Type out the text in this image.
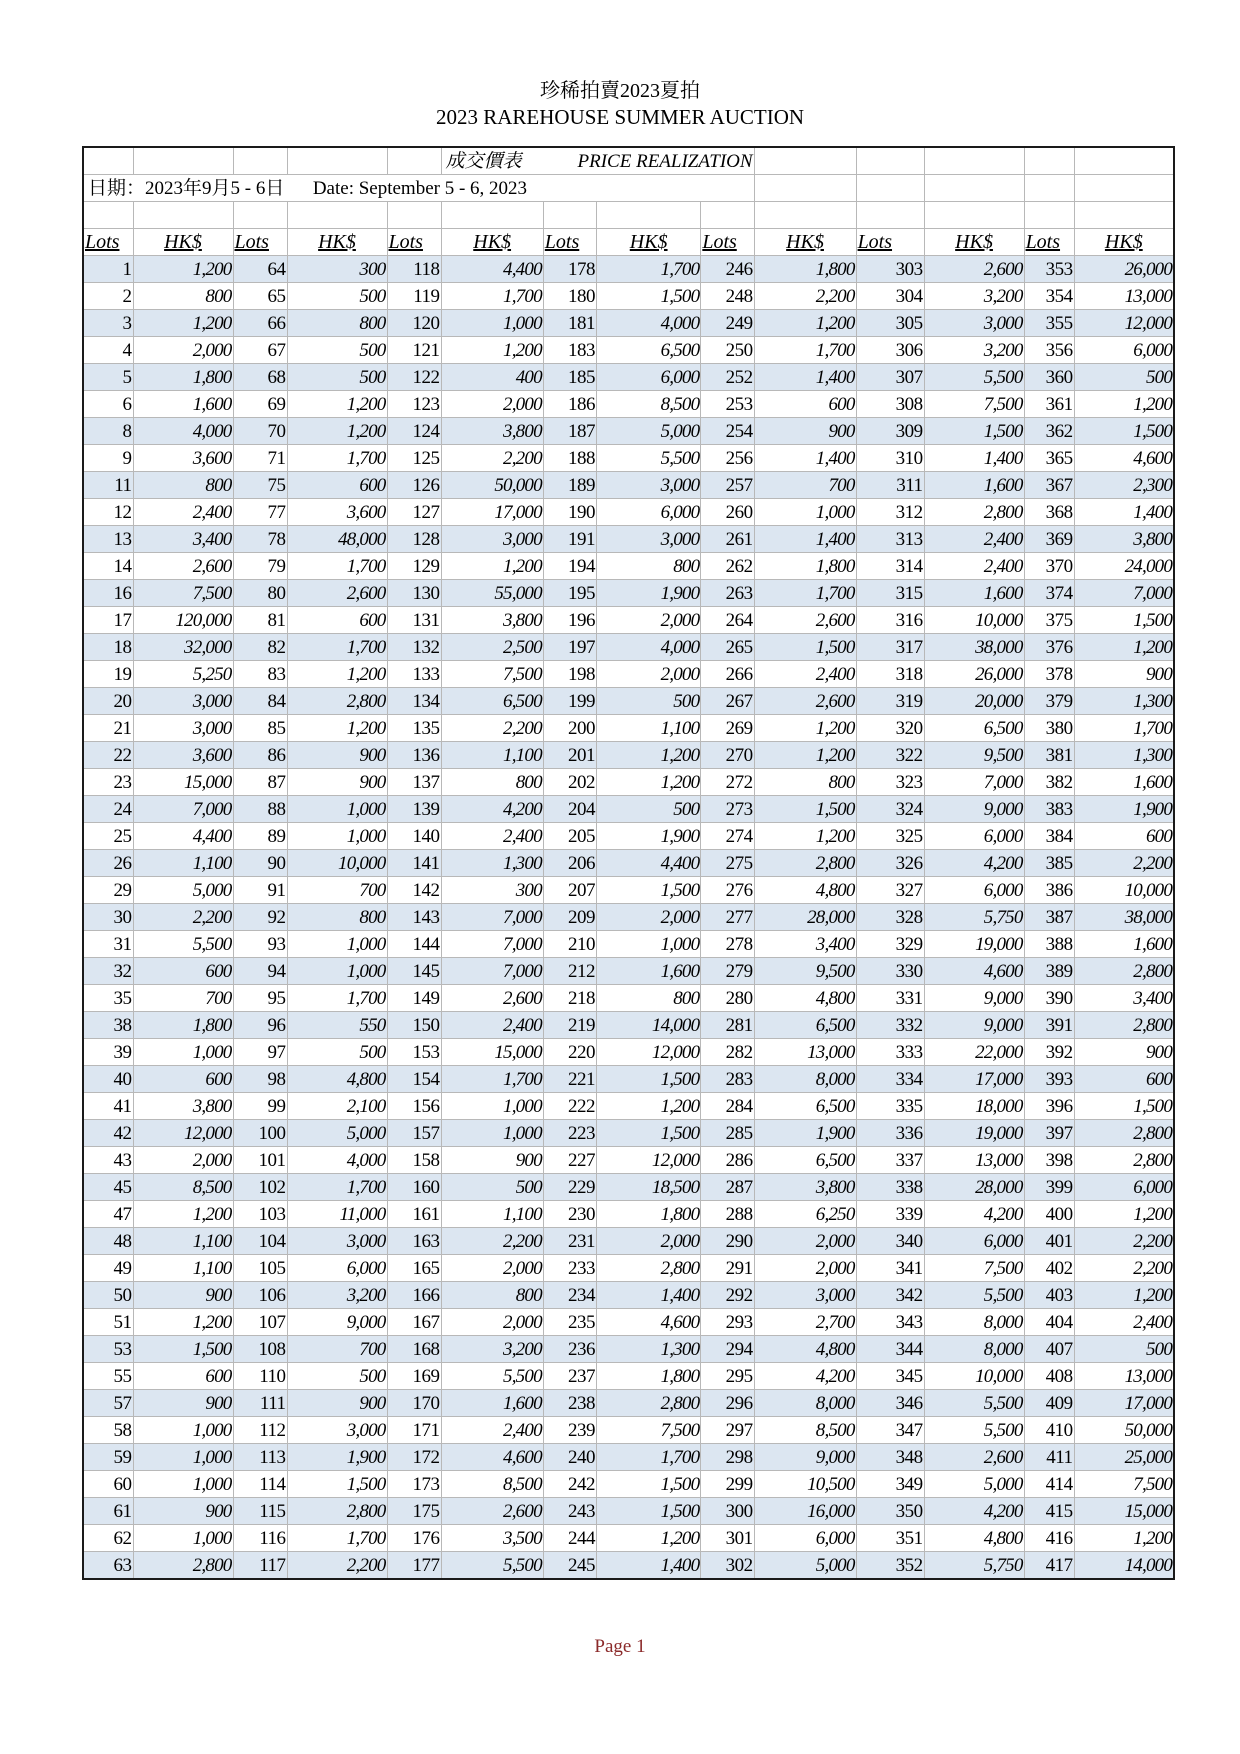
珍稀拍賣2023夏拍
2023 RAREHOUSE SUMMER AUCTION
					成交價表 PRICE REALIZATION								
日期：2023年9月5 - 6日 Date: September 5 - 6, 2023													

Lots	HK$	Lots	HK$	Lots	HK$	Lots	HK$	Lots	HK$	Lots	HK$	Lots	HK$
1	1,200	64	300	118	4,400	178	1,700	246	1,800	303	2,600	353	26,000
2	800	65	500	119	1,700	180	1,500	248	2,200	304	3,200	354	13,000
3	1,200	66	800	120	1,000	181	4,000	249	1,200	305	3,000	355	12,000
4	2,000	67	500	121	1,200	183	6,500	250	1,700	306	3,200	356	6,000
5	1,800	68	500	122	400	185	6,000	252	1,400	307	5,500	360	500
6	1,600	69	1,200	123	2,000	186	8,500	253	600	308	7,500	361	1,200
8	4,000	70	1,200	124	3,800	187	5,000	254	900	309	1,500	362	1,500
9	3,600	71	1,700	125	2,200	188	5,500	256	1,400	310	1,400	365	4,600
11	800	75	600	126	50,000	189	3,000	257	700	311	1,600	367	2,300
12	2,400	77	3,600	127	17,000	190	6,000	260	1,000	312	2,800	368	1,400
13	3,400	78	48,000	128	3,000	191	3,000	261	1,400	313	2,400	369	3,800
14	2,600	79	1,700	129	1,200	194	800	262	1,800	314	2,400	370	24,000
16	7,500	80	2,600	130	55,000	195	1,900	263	1,700	315	1,600	374	7,000
17	120,000	81	600	131	3,800	196	2,000	264	2,600	316	10,000	375	1,500
18	32,000	82	1,700	132	2,500	197	4,000	265	1,500	317	38,000	376	1,200
19	5,250	83	1,200	133	7,500	198	2,000	266	2,400	318	26,000	378	900
20	3,000	84	2,800	134	6,500	199	500	267	2,600	319	20,000	379	1,300
21	3,000	85	1,200	135	2,200	200	1,100	269	1,200	320	6,500	380	1,700
22	3,600	86	900	136	1,100	201	1,200	270	1,200	322	9,500	381	1,300
23	15,000	87	900	137	800	202	1,200	272	800	323	7,000	382	1,600
24	7,000	88	1,000	139	4,200	204	500	273	1,500	324	9,000	383	1,900
25	4,400	89	1,000	140	2,400	205	1,900	274	1,200	325	6,000	384	600
26	1,100	90	10,000	141	1,300	206	4,400	275	2,800	326	4,200	385	2,200
29	5,000	91	700	142	300	207	1,500	276	4,800	327	6,000	386	10,000
30	2,200	92	800	143	7,000	209	2,000	277	28,000	328	5,750	387	38,000
31	5,500	93	1,000	144	7,000	210	1,000	278	3,400	329	19,000	388	1,600
32	600	94	1,000	145	7,000	212	1,600	279	9,500	330	4,600	389	2,800
35	700	95	1,700	149	2,600	218	800	280	4,800	331	9,000	390	3,400
38	1,800	96	550	150	2,400	219	14,000	281	6,500	332	9,000	391	2,800
39	1,000	97	500	153	15,000	220	12,000	282	13,000	333	22,000	392	900
40	600	98	4,800	154	1,700	221	1,500	283	8,000	334	17,000	393	600
41	3,800	99	2,100	156	1,000	222	1,200	284	6,500	335	18,000	396	1,500
42	12,000	100	5,000	157	1,000	223	1,500	285	1,900	336	19,000	397	2,800
43	2,000	101	4,000	158	900	227	12,000	286	6,500	337	13,000	398	2,800
45	8,500	102	1,700	160	500	229	18,500	287	3,800	338	28,000	399	6,000
47	1,200	103	11,000	161	1,100	230	1,800	288	6,250	339	4,200	400	1,200
48	1,100	104	3,000	163	2,200	231	2,000	290	2,000	340	6,000	401	2,200
49	1,100	105	6,000	165	2,000	233	2,800	291	2,000	341	7,500	402	2,200
50	900	106	3,200	166	800	234	1,400	292	3,000	342	5,500	403	1,200
51	1,200	107	9,000	167	2,000	235	4,600	293	2,700	343	8,000	404	2,400
53	1,500	108	700	168	3,200	236	1,300	294	4,800	344	8,000	407	500
55	600	110	500	169	5,500	237	1,800	295	4,200	345	10,000	408	13,000
57	900	111	900	170	1,600	238	2,800	296	8,000	346	5,500	409	17,000
58	1,000	112	3,000	171	2,400	239	7,500	297	8,500	347	5,500	410	50,000
59	1,000	113	1,900	172	4,600	240	1,700	298	9,000	348	2,600	411	25,000
60	1,000	114	1,500	173	8,500	242	1,500	299	10,500	349	5,000	414	7,500
61	900	115	2,800	175	2,600	243	1,500	300	16,000	350	4,200	415	15,000
62	1,000	116	1,700	176	3,500	244	1,200	301	6,000	351	4,800	416	1,200
63	2,800	117	2,200	177	5,500	245	1,400	302	5,000	352	5,750	417	14,000
Page 1
